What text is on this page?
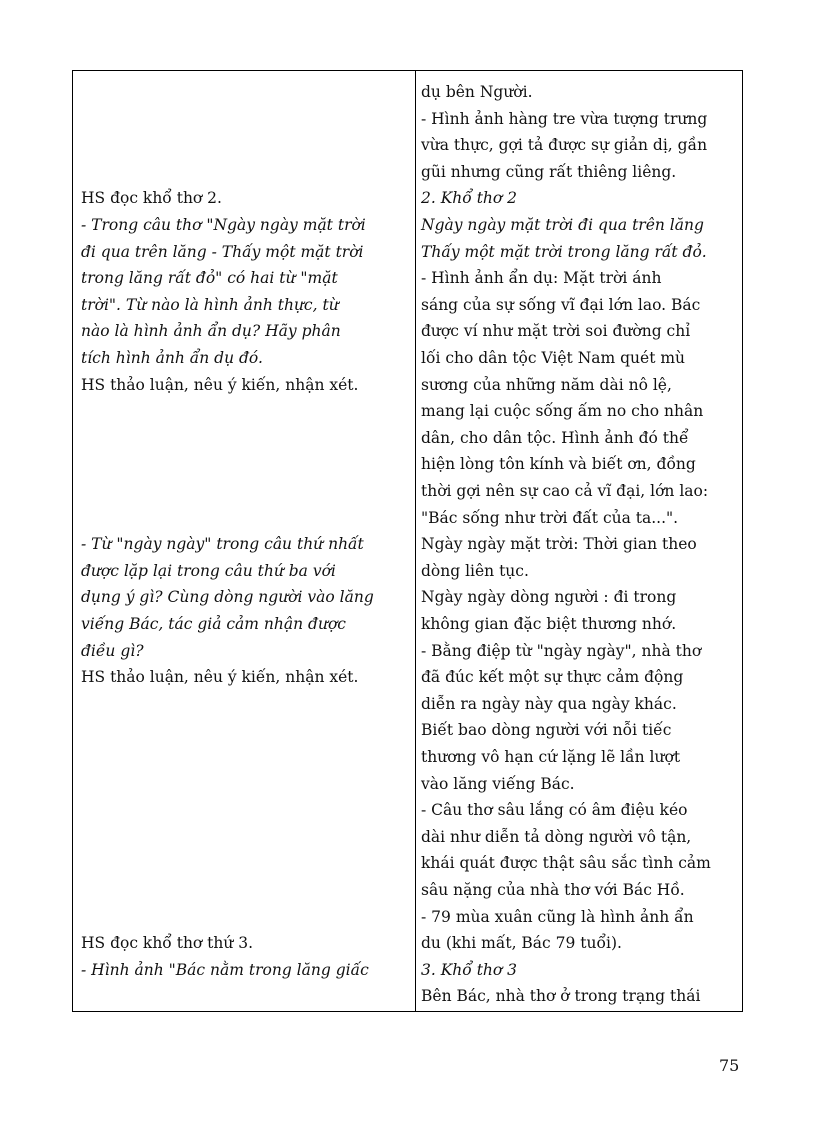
HS đọc khổ thơ 2.
- Trong câu thơ "Ngày ngày mặt trời
đi qua trên lăng - Thấy một mặt trời
trong lăng rất đỏ" có hai từ "mặt
trời". Từ nào là hình ảnh thực, từ
nào là hình ảnh ẩn dụ? Hãy phân
tích hình ảnh ẩn dụ đó.
HS thảo luận, nêu ý kiến, nhận xét.
- Từ "ngày ngày" trong câu thứ nhất
được lặp lại trong câu thứ ba với
dụng ý gì? Cùng dòng người vào lăng
viếng Bác, tác giả cảm nhận được
điều gì?
HS thảo luận, nêu ý kiến, nhận xét.
HS đọc khổ thơ thứ 3.
- Hình ảnh "Bác nằm trong lăng giấc
dụ bên Người.
- Hình ảnh hàng tre vừa tượng trưng
vừa thực, gợi tả được sự giản dị, gần
gũi nhưng cũng rất thiêng liêng.
2. Khổ thơ 2
Ngày ngày mặt trời đi qua trên lăng
Thấy một mặt trời trong lăng rất đỏ.
- Hình ảnh ẩn dụ: Mặt trời ánh
sáng của sự sống vĩ đại lớn lao. Bác
được ví như mặt trời soi đường chỉ
lối cho dân tộc Việt Nam quét mù
sương của những năm dài nô lệ,
mang lại cuộc sống ấm no cho nhân
dân, cho dân tộc. Hình ảnh đó thể
hiện lòng tôn kính và biết ơn, đồng
thời gợi nên sự cao cả vĩ đại, lớn lao:
"Bác sống như trời đất của ta...".
Ngày ngày mặt trời: Thời gian theo
dòng liên tục.
Ngày ngày dòng người : đi trong
không gian đặc biệt thương nhớ.
- Bằng điệp từ "ngày ngày", nhà thơ
đã đúc kết một sự thực cảm động
diễn ra ngày này qua ngày khác.
Biết bao dòng người với nỗi tiếc
thương vô hạn cứ lặng lẽ lần lượt
vào lăng viếng Bác.
- Câu thơ sâu lắng có âm điệu kéo
dài như diễn tả dòng người vô tận,
khái quát được thật sâu sắc tình cảm
sâu nặng của nhà thơ với Bác Hồ.
- 79 mùa xuân cũng là hình ảnh ẩn
du (khi mất, Bác 79 tuổi).
3. Khổ thơ 3
Bên Bác, nhà thơ ở trong trạng thái
75
